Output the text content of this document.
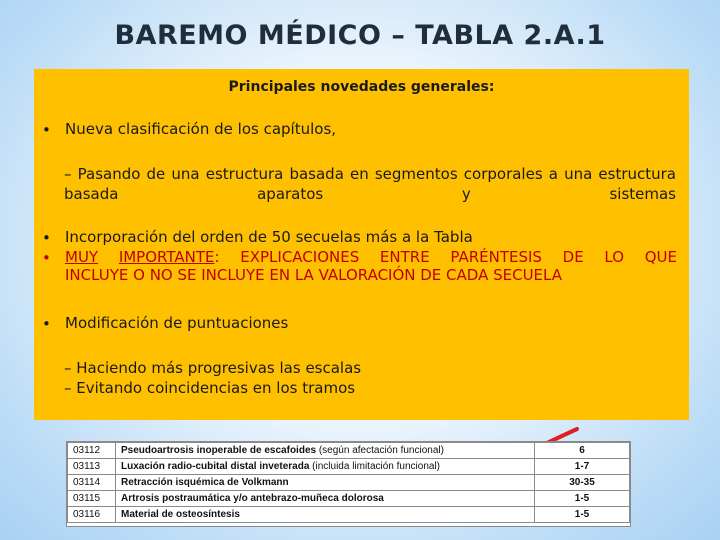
BAREMO MÉDICO – TABLA 2.A.1
Principales novedades generales:
• Nueva clasificación de los capítulos,
– Pasando de una estructura basada en segmentos corporales a una estructura basada aparatos y sistemas
• Incorporación del orden de 50 secuelas más a la Tabla
• MUY IMPORTANTE: EXPLICACIONES ENTRE PARÉNTESIS DE LO QUE
INCLUYE O NO SE INCLUYE EN LA VALORACIÓN DE CADA SECUELA
• Modificación de puntuaciones
– Haciendo más progresivas las escalas
– Evitando coincidencias en los tramos
03112	Pseudoartrosis inoperable de escafoides (según afectación funcional)	6
03113	Luxación radio-cubital distal inveterada (incluida limitación funcional)	1-7
03114	Retracción isquémica de Volkmann	30-35
03115	Artrosis postraumática y/o antebrazo-muñeca dolorosa	1-5
03116	Material de osteosíntesis	1-5
